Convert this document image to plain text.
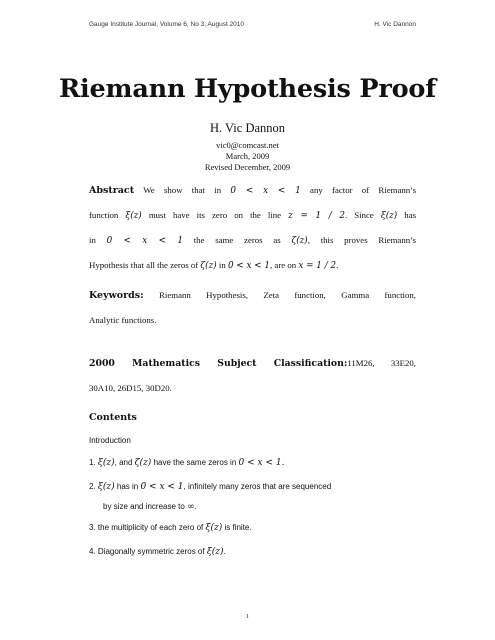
Gauge Institute Journal, Volume 6, No 3, August 2010	H. Vic Dannon
Riemann Hypothesis Proof
H. Vic Dannon
vic0@comcast.net
March, 2009
Revised December, 2009
Abstract We show that in 0 < x < 1 any factor of Riemann’s
function ξ(z) must have its zero on the line z = 1 / 2. Since ξ(z) has
in 0 < x < 1 the same zeros as ζ(z), this proves Riemann’s
Hypothesis that all the zeros of ζ(z) in 0 < x < 1, are on x = 1 / 2.
Keywords: Riemann Hypothesis, Zeta function, Gamma function,
Analytic functions.
2000 Mathematics Subject Classification:11M26, 33E20,
30A10, 26D15, 30D20.
Contents
Introduction
1. ξ(z), and ζ(z) have the same zeros in 0 < x < 1.
2. ξ(z) has in 0 < x < 1, infinitely many zeros that are sequenced
by size and increase to ∞.
3. the multiplicity of each zero of ξ(z) is finite.
4. Diagonally symmetric zeros of ξ(z).
1
